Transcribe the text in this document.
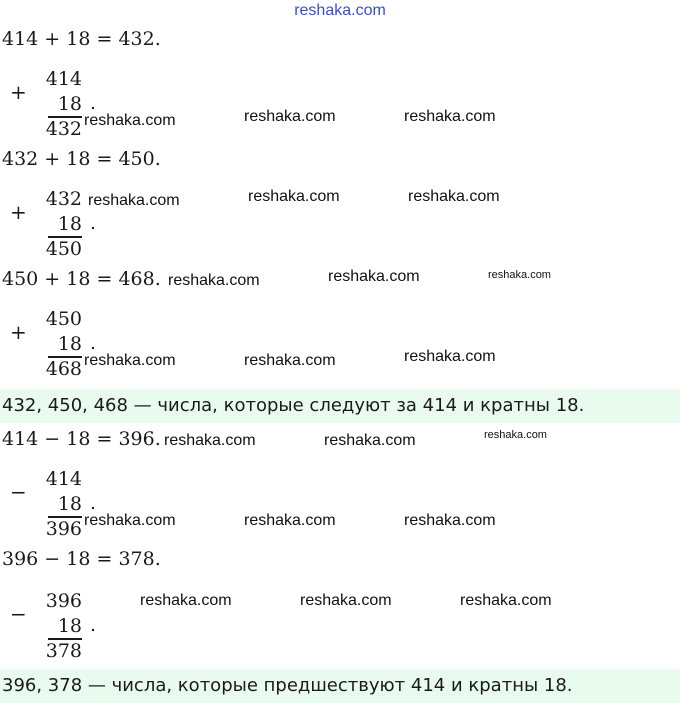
reshaka.com
414 + 18 = 432.
+
414
18
432
.
432 + 18 = 450.
+
432
18
450
.
450 + 18 = 468.
+
450
18
468
.
432, 450, 468 — числа, которые следуют за 414 и кратны 18.
414 − 18 = 396.
−
414
18
396
.
396 − 18 = 378.
−
396
18
378
.
396, 378 — числа, которые предшествуют 414 и кратны 18.
reshaka.com	reshaka.com	reshaka.com
reshaka.com	reshaka.com	reshaka.com
reshaka.com	reshaka.com	reshaka.com
reshaka.com	reshaka.com	reshaka.com
reshaka.com	reshaka.com	reshaka.com
reshaka.com	reshaka.com	reshaka.com
reshaka.com	reshaka.com	reshaka.com
